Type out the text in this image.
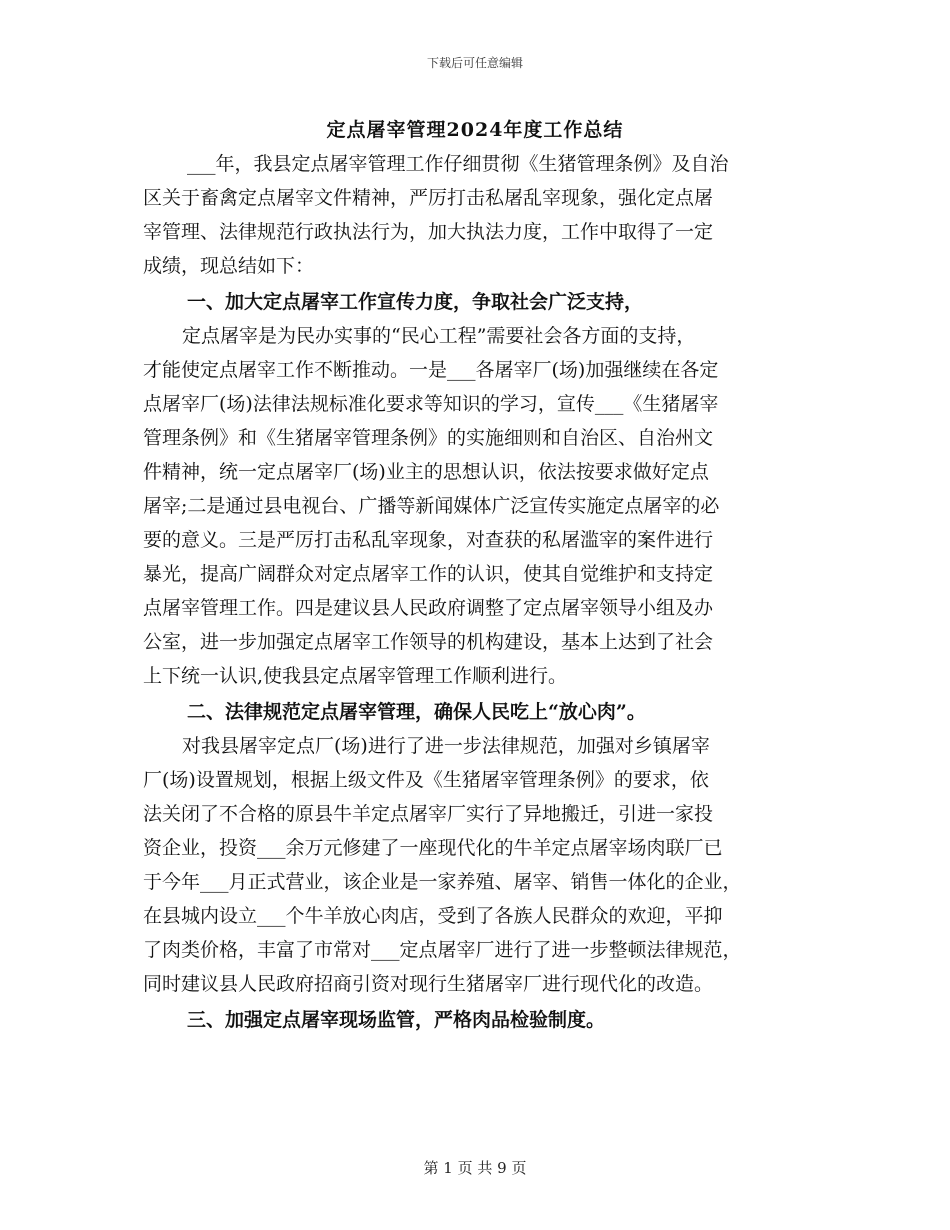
下载后可任意编辑
定点屠宰管理2024年度工作总结
___年，我县定点屠宰管理工作仔细贯彻《生猪管理条例》及自治
区关于畜禽定点屠宰文件精神，严厉打击私屠乱宰现象，强化定点屠
宰管理、法律规范行政执法行为，加大执法力度，工作中取得了一定
成绩，现总结如下：
一、加大定点屠宰工作宣传力度，争取社会广泛支持，
定点屠宰是为民办实事的“民心工程”需要社会各方面的支持，
才能使定点屠宰工作不断推动。一是___各屠宰厂(场)加强继续在各定
点屠宰厂(场)法律法规标准化要求等知识的学习，宣传___《生猪屠宰
管理条例》和《生猪屠宰管理条例》的实施细则和自治区、自治州文
件精神，统一定点屠宰厂(场)业主的思想认识，依法按要求做好定点
屠宰;二是通过县电视台、广播等新闻媒体广泛宣传实施定点屠宰的必
要的意义。三是严厉打击私乱宰现象，对查获的私屠滥宰的案件进行
暴光，提高广阔群众对定点屠宰工作的认识，使其自觉维护和支持定
点屠宰管理工作。四是建议县人民政府调整了定点屠宰领导小组及办
公室，进一步加强定点屠宰工作领导的机构建设，基本上达到了社会
上下统一认识,使我县定点屠宰管理工作顺利进行。
二、法律规范定点屠宰管理，确保人民吃上“放心肉”。
对我县屠宰定点厂(场)进行了进一步法律规范，加强对乡镇屠宰
厂(场)设置规划，根据上级文件及《生猪屠宰管理条例》的要求，依
法关闭了不合格的原县牛羊定点屠宰厂实行了异地搬迁，引进一家投
资企业，投资___余万元修建了一座现代化的牛羊定点屠宰场肉联厂已
于今年___月正式营业，该企业是一家养殖、屠宰、销售一体化的企业，
在县城内设立___个牛羊放心肉店，受到了各族人民群众的欢迎，平抑
了肉类价格，丰富了市常对___定点屠宰厂进行了进一步整顿法律规范，
同时建议县人民政府招商引资对现行生猪屠宰厂进行现代化的改造。
三、加强定点屠宰现场监管，严格肉品检验制度。
第 1 页 共 9 页
